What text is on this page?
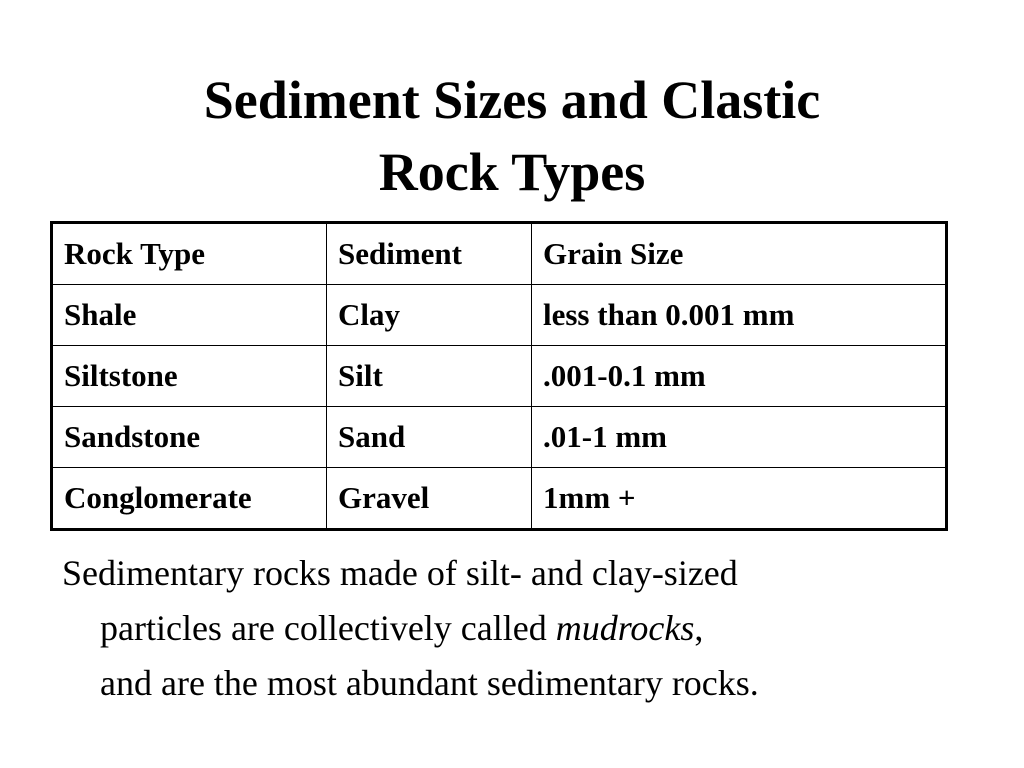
Sediment Sizes and Clastic
Rock Types
Rock Type	Sediment	Grain Size
Shale	Clay	less than 0.001 mm
Siltstone	Silt	.001-0.1 mm
Sandstone	Sand	.01-1 mm
Conglomerate	Gravel	1mm +
Sedimentary rocks made of silt- and clay-sized
particles are collectively called mudrocks,
and are the most abundant sedimentary rocks.
